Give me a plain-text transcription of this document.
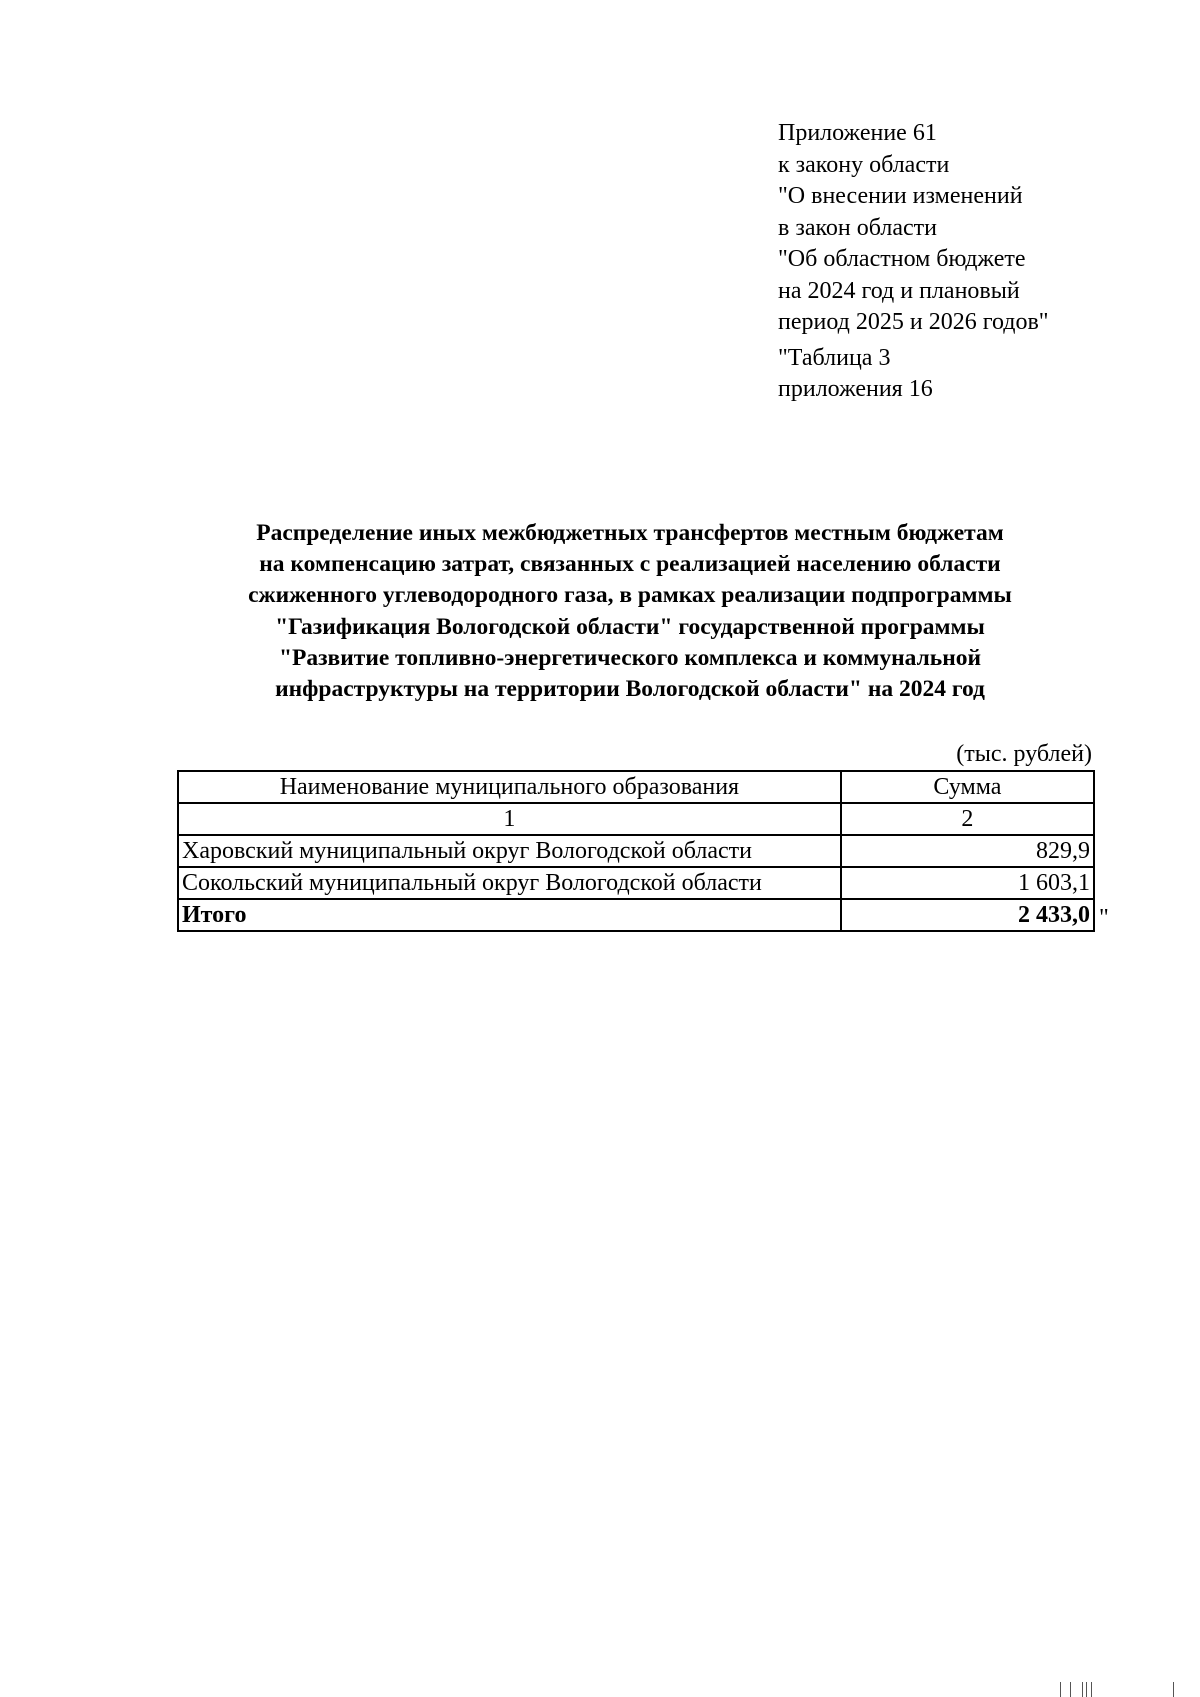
Приложение 61
к закону области
"О внесении изменений
в закон области
"Об областном бюджете
на 2024 год и плановый
период 2025 и 2026 годов"
"Таблица 3
приложения 16
Распределение иных межбюджетных трансфертов местным бюджетам
на компенсацию затрат, связанных с реализацией населению области
сжиженного углеводородного газа, в рамках реализации подпрограммы
"Газификация Вологодской области" государственной программы
"Развитие топливно-энергетического комплекса и коммунальной
инфраструктуры на территории Вологодской области" на 2024 год
(тыс. рублей)
Наименование муниципального образования	Сумма
1	2
Харовский муниципальный округ Вологодской области	829,9
Сокольский муниципальный округ Вологодской области	1 603,1
Итого	2 433,0 "
